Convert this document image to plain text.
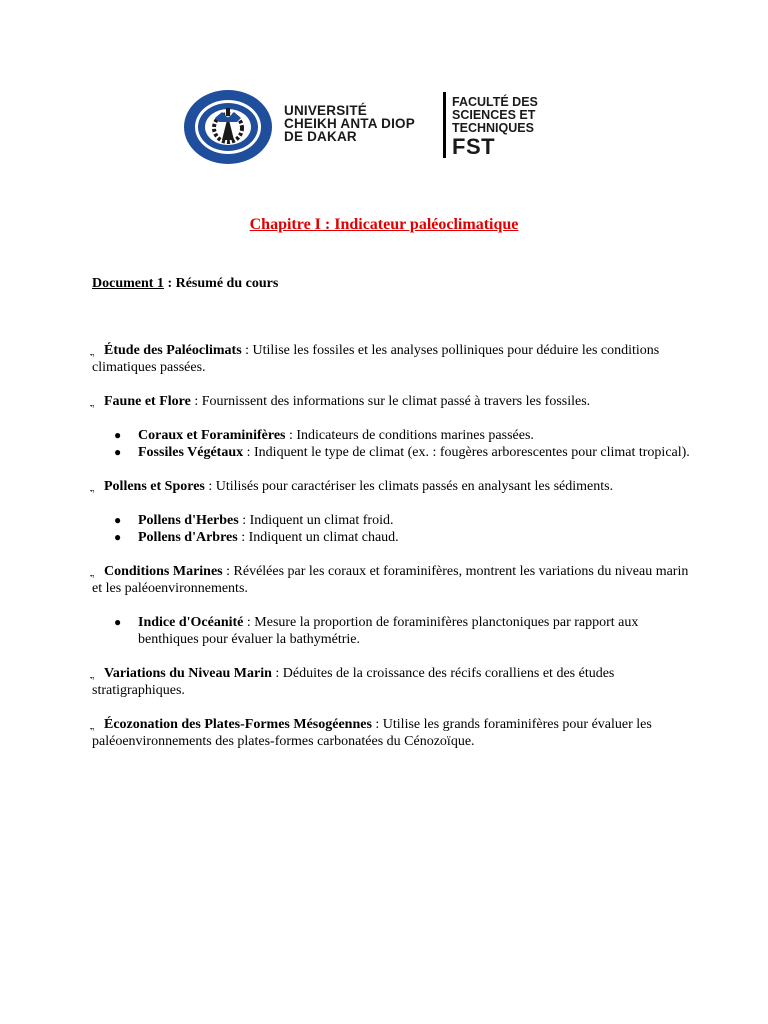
UNIVERSITÉ
CHEIKH ANTA DIOP
DE DAKAR
FACULTÉ DES
SCIENCES ET
TECHNIQUES
FST
Chapitre I : Indicateur paléoclimatique
Document 1 : Résumé du cours

Étude des Paléoclimats : Utilise les fossiles et les analyses polliniques pour déduire les conditions climatiques passées.

Faune et Flore : Fournissent des informations sur le climat passé à travers les fossiles.

● Coraux et Foraminifères : Indicateurs de conditions marines passées.
● Fossiles Végétaux : Indiquent le type de climat (ex. : fougères arborescentes pour climat tropical).

Pollens et Spores : Utilisés pour caractériser les climats passés en analysant les sédiments.

● Pollens d'Herbes : Indiquent un climat froid.
● Pollens d'Arbres : Indiquent un climat chaud.

Conditions Marines : Révélées par les coraux et foraminifères, montrent les variations du niveau marin et les paléoenvironnements.

● Indice d'Océanité : Mesure la proportion de foraminifères planctoniques par rapport aux benthiques pour évaluer la bathymétrie.

Variations du Niveau Marin : Déduites de la croissance des récifs coralliens et des études stratigraphiques.

Écozonation des Plates-Formes Mésogéennes : Utilise les grands foraminifères pour évaluer les paléoenvironnements des plates-formes carbonatées du Cénozoïque.
